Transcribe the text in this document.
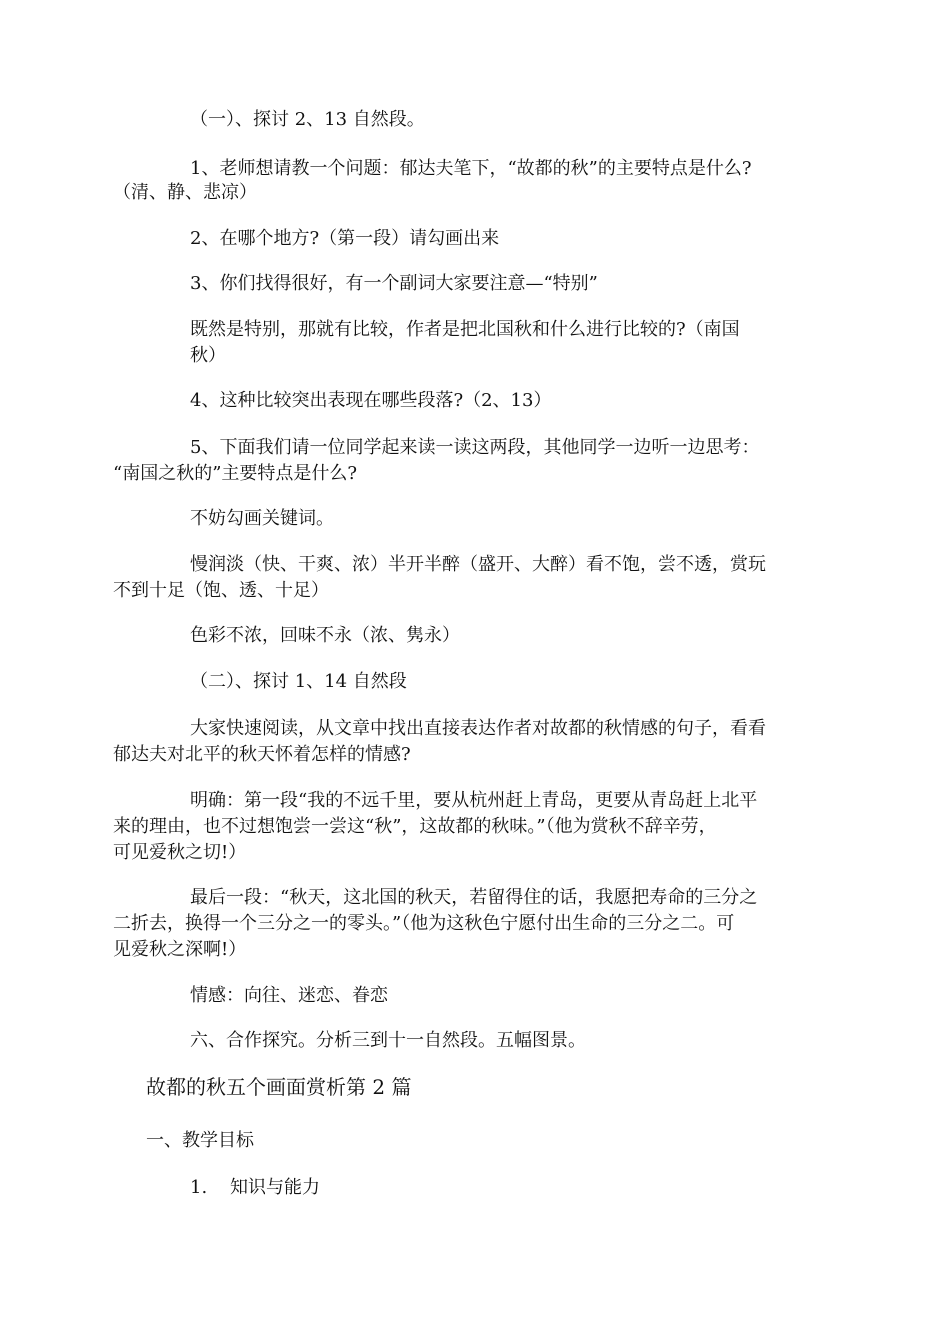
（一）、探讨 2、13 自然段。
1、老师想请教一个问题：郁达夫笔下，“故都的秋”的主要特点是什么?
（清、静、悲凉）
2、在哪个地方?（第一段）请勾画出来
3、你们找得很好，有一个副词大家要注意—“特别”
既然是特别，那就有比较，作者是把北国秋和什么进行比较的?（南国
秋）
4、这种比较突出表现在哪些段落?（2、13）
5、下面我们请一位同学起来读一读这两段，其他同学一边听一边思考：
“南国之秋的”主要特点是什么?
不妨勾画关键词。
慢润淡（快、干爽、浓）半开半醉（盛开、大醉）看不饱，尝不透，赏玩
不到十足（饱、透、十足）
色彩不浓，回味不永（浓、隽永）
（二）、探讨 1、14 自然段
大家快速阅读，从文章中找出直接表达作者对故都的秋情感的句子，看看
郁达夫对北平的秋天怀着怎样的情感?
明确：第一段“我的不远千里，要从杭州赶上青岛，更要从青岛赶上北平
来的理由，也不过想饱尝一尝这“秋”，这故都的秋味。”（他为赏秋不辞辛劳，
可见爱秋之切!）
最后一段：“秋天，这北国的秋天，若留得住的话，我愿把寿命的三分之
二折去，换得一个三分之一的零头。”（他为这秋色宁愿付出生命的三分之二。可
见爱秋之深啊!）
情感：向往、迷恋、眷恋
六、合作探究。分析三到十一自然段。五幅图景。
故都的秋五个画面赏析第 2 篇
一、教学目标
1.    知识与能力
